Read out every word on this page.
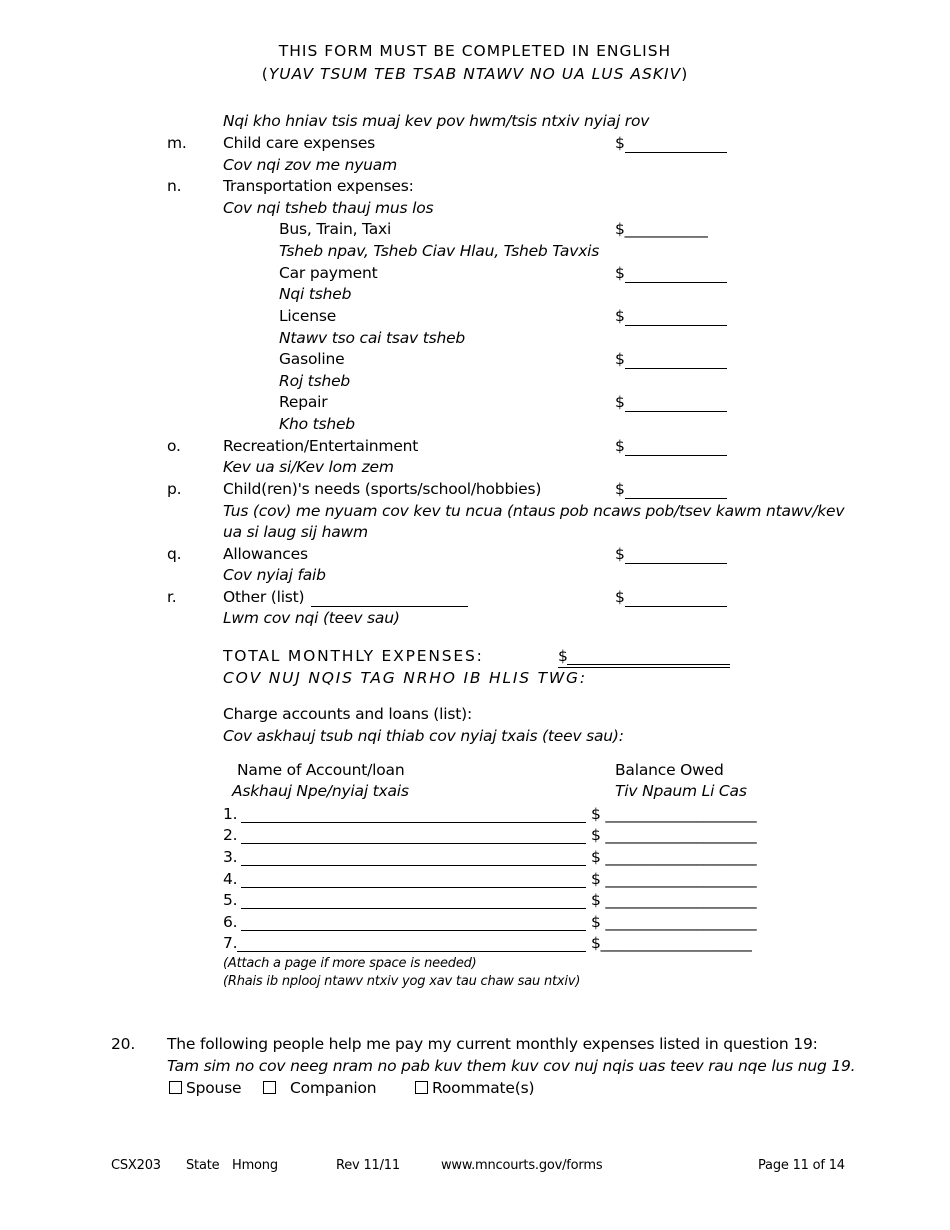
THIS FORM MUST BE COMPLETED IN ENGLISH
(YUAV TSUM TEB TSAB NTAWV NO UA LUS ASKIV)
Nqi kho hniav tsis muaj kev pov hwm/tsis ntxiv nyiaj rov
m. Child care expenses	$
Cov nqi zov me nyuam
n.	Transportation expenses:
Cov nqi tsheb thauj mus los
Bus, Train, Taxi	$___________
Tsheb npav, Tsheb Ciav Hlau, Tsheb Tavxis
Car payment	$
Nqi tsheb
License	$
Ntawv tso cai tsav tsheb
Gasoline	$
Roj tsheb
Repair	$
Kho tsheb
o.	Recreation/Entertainment	$
Kev ua si/Kev lom zem
p.	Child(ren)'s needs (sports/school/hobbies)	$
Tus (cov) me nyuam cov kev tu ncua (ntaus pob ncaws pob/tsev kawm ntawv/kev
ua si laug sij hawm
q.	Allowances	$
Cov nyiaj faib
r.	Other (list)	$
Lwm cov nqi (teev sau)
TOTAL MONTHLY EXPENSES:	$
COV NUJ NQIS TAG NRHO IB HLIS TWG:
Charge accounts and loans (list):
Cov askhauj tsub nqi thiab cov nyiaj txais (teev sau):
Name of Account/loan
Askhauj Npe/nyiaj txais
Balance Owed
Tiv Npaum Li Cas
1.	$ ____________________
2.	$ ____________________
3.	$ ____________________
4.	$ ____________________
5.	$ ____________________
6.	$ ____________________
7.	$____________________
(Attach a page if more space is needed)
(Rhais ib nplooj ntawv ntxiv yog xav tau chaw sau ntxiv)
20. The following people help me pay my current monthly expenses listed in question 19:
Tam sim no cov neeg nram no pab kuv them kuv cov nuj nqis uas teev rau nqe lus nug 19.
Spouse	Companion	Roommate(s)
CSX203 State Hmong	Rev 11/11	www.mncourts.gov/forms	Page 11 of 14
